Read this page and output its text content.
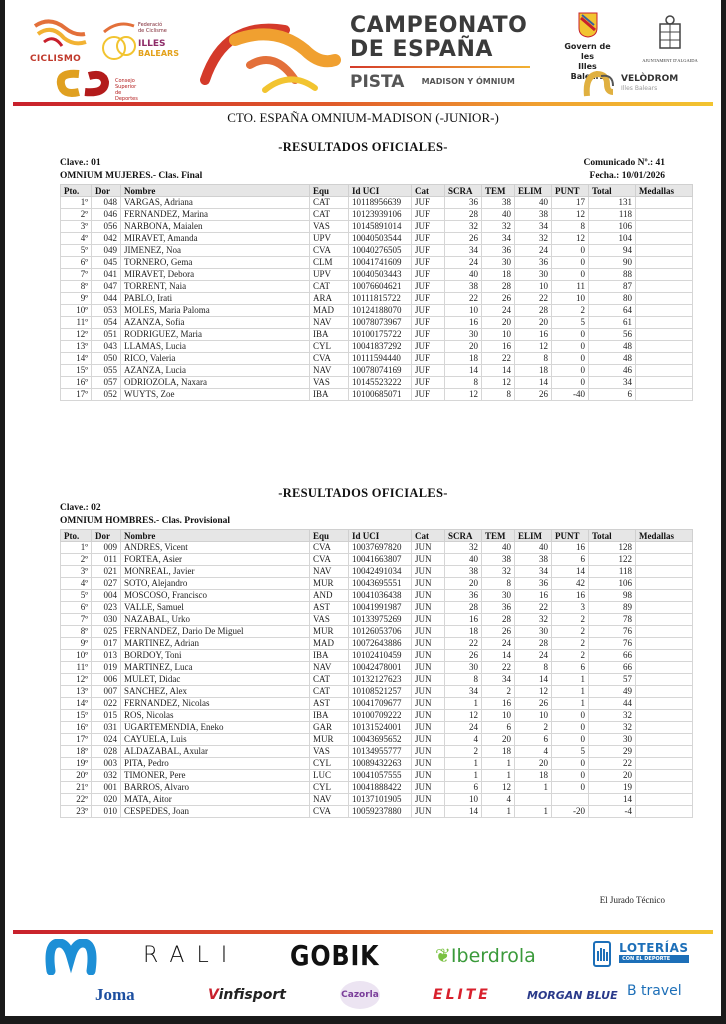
CICLISMO
Federació
de Ciclisme
ILLES
BALEARS
Consejo
Superior
de Deportes
CAMPEONATO
DE ESPAÑA
PISTA MADISON Y ÓMNIUM
Govern de les
Illes Balears
AJUNTAMENT D'ALGAIDA
VELÒDROM
Illes Balears
CTO. ESPAÑA OMNIUM-MADISON (-JUNIOR-)
-RESULTADOS OFICIALES-
Clave.: 01	Comunicado Nº.: 41
OMNIUM MUJERES.- Clas. Final	Fecha.: 10/01/2026
Pto.	Dor	Nombre	Equ	Id UCI	Cat	SCRA	TEM	ELIM	PUNT	Total	Medallas
1º	048	VARGAS, Adriana	CAT	10118956639	JUF	36	38	40	17	131	
2º	046	FERNANDEZ, Marina	CAT	10123939106	JUF	28	40	38	12	118	
3º	056	NARBONA, Maialen	VAS	10145891014	JUF	32	32	34	8	106	
4º	042	MIRAVET, Amanda	UPV	10040503544	JUF	26	34	32	12	104	
5º	049	JIMENEZ, Noa	CVA	10040276505	JUF	34	36	24	0	94	
6º	045	TORNERO, Gema	CLM	10041741609	JUF	24	30	36	0	90	
7º	041	MIRAVET, Debora	UPV	10040503443	JUF	40	18	30	0	88	
8º	047	TORRENT, Naia	CAT	10076604621	JUF	38	28	10	11	87	
9º	044	PABLO, Irati	ARA	10111815722	JUF	22	26	22	10	80	
10º	053	MOLES, Maria Paloma	MAD	10124188070	JUF	10	24	28	2	64	
11º	054	AZANZA, Sofia	NAV	10078073967	JUF	16	20	20	5	61	
12º	051	RODRIGUEZ, Maria	IBA	10100175722	JUF	30	10	16	0	56	
13º	043	LLAMAS, Lucia	CYL	10041837292	JUF	20	16	12	0	48	
14º	050	RICO, Valeria	CVA	10111594440	JUF	18	22	8	0	48	
15º	055	AZANZA, Lucia	NAV	10078074169	JUF	14	14	18	0	46	
16º	057	ODRIOZOLA, Naxara	VAS	10145523222	JUF	8	12	14	0	34	
17º	052	WUYTS, Zoe	IBA	10100685071	JUF	12	8	26	-40	6	
-RESULTADOS OFICIALES-
Clave.: 02
OMNIUM HOMBRES.- Clas. Provisional
Pto.	Dor	Nombre	Equ	Id UCI	Cat	SCRA	TEM	ELIM	PUNT	Total	Medallas
1º	009	ANDRES, Vicent	CVA	10037697820	JUN	32	40	40	16	128	
2º	011	FORTEA, Asier	CVA	10041663807	JUN	40	38	38	6	122	
3º	021	MONREAL, Javier	NAV	10042491034	JUN	38	32	34	14	118	
4º	027	SOTO, Alejandro	MUR	10043695551	JUN	20	8	36	42	106	
5º	004	MOSCOSO, Francisco	AND	10041036438	JUN	36	30	16	16	98	
6º	023	VALLE, Samuel	AST	10041991987	JUN	28	36	22	3	89	
7º	030	NAZABAL, Urko	VAS	10133975269	JUN	16	28	32	2	78	
8º	025	FERNANDEZ, Dario De Miguel	MUR	10126053706	JUN	18	26	30	2	76	
9º	017	MARTINEZ, Adrian	MAD	10072643886	JUN	22	24	28	2	76	
10º	013	BORDOY, Toni	IBA	10102410459	JUN	26	14	24	2	66	
11º	019	MARTINEZ, Luca	NAV	10042478001	JUN	30	22	8	6	66	
12º	006	MULET, Didac	CAT	10132127623	JUN	8	34	14	1	57	
13º	007	SANCHEZ, Alex	CAT	10108521257	JUN	34	2	12	1	49	
14º	022	FERNANDEZ, Nicolas	AST	10041709677	JUN	1	16	26	1	44	
15º	015	ROS, Nicolas	IBA	10100709222	JUN	12	10	10	0	32	
16º	031	UGARTEMENDIA, Eneko	GAR	10131524001	JUN	24	6	2	0	32	
17º	024	CAYUELA, Luis	MUR	10043695652	JUN	4	20	6	0	30	
18º	028	ALDAZABAL, Axular	VAS	10134955777	JUN	2	18	4	5	29	
19º	003	PITA, Pedro	CYL	10089432263	JUN	1	1	20	0	22	
20º	032	TIMONER, Pere	LUC	10041057555	JUN	1	1	18	0	20	
21º	001	BARROS, Alvaro	CYL	10041888422	JUN	6	12	1	0	19	
22º	020	MATA, Aitor	NAV	10137101905	JUN	10	4			14	
23º	010	CESPEDES, Joan	CVA	10059237880	JUN	14	1	1	-20	-4	
El Jurado Técnico
RALI GOBIK	❦Iberdrola
	LOTERÍAS
CON EL DEPORTE
Joma	Vinfisport	Cazorla	ELITE	MORGAN BLUE B travel
